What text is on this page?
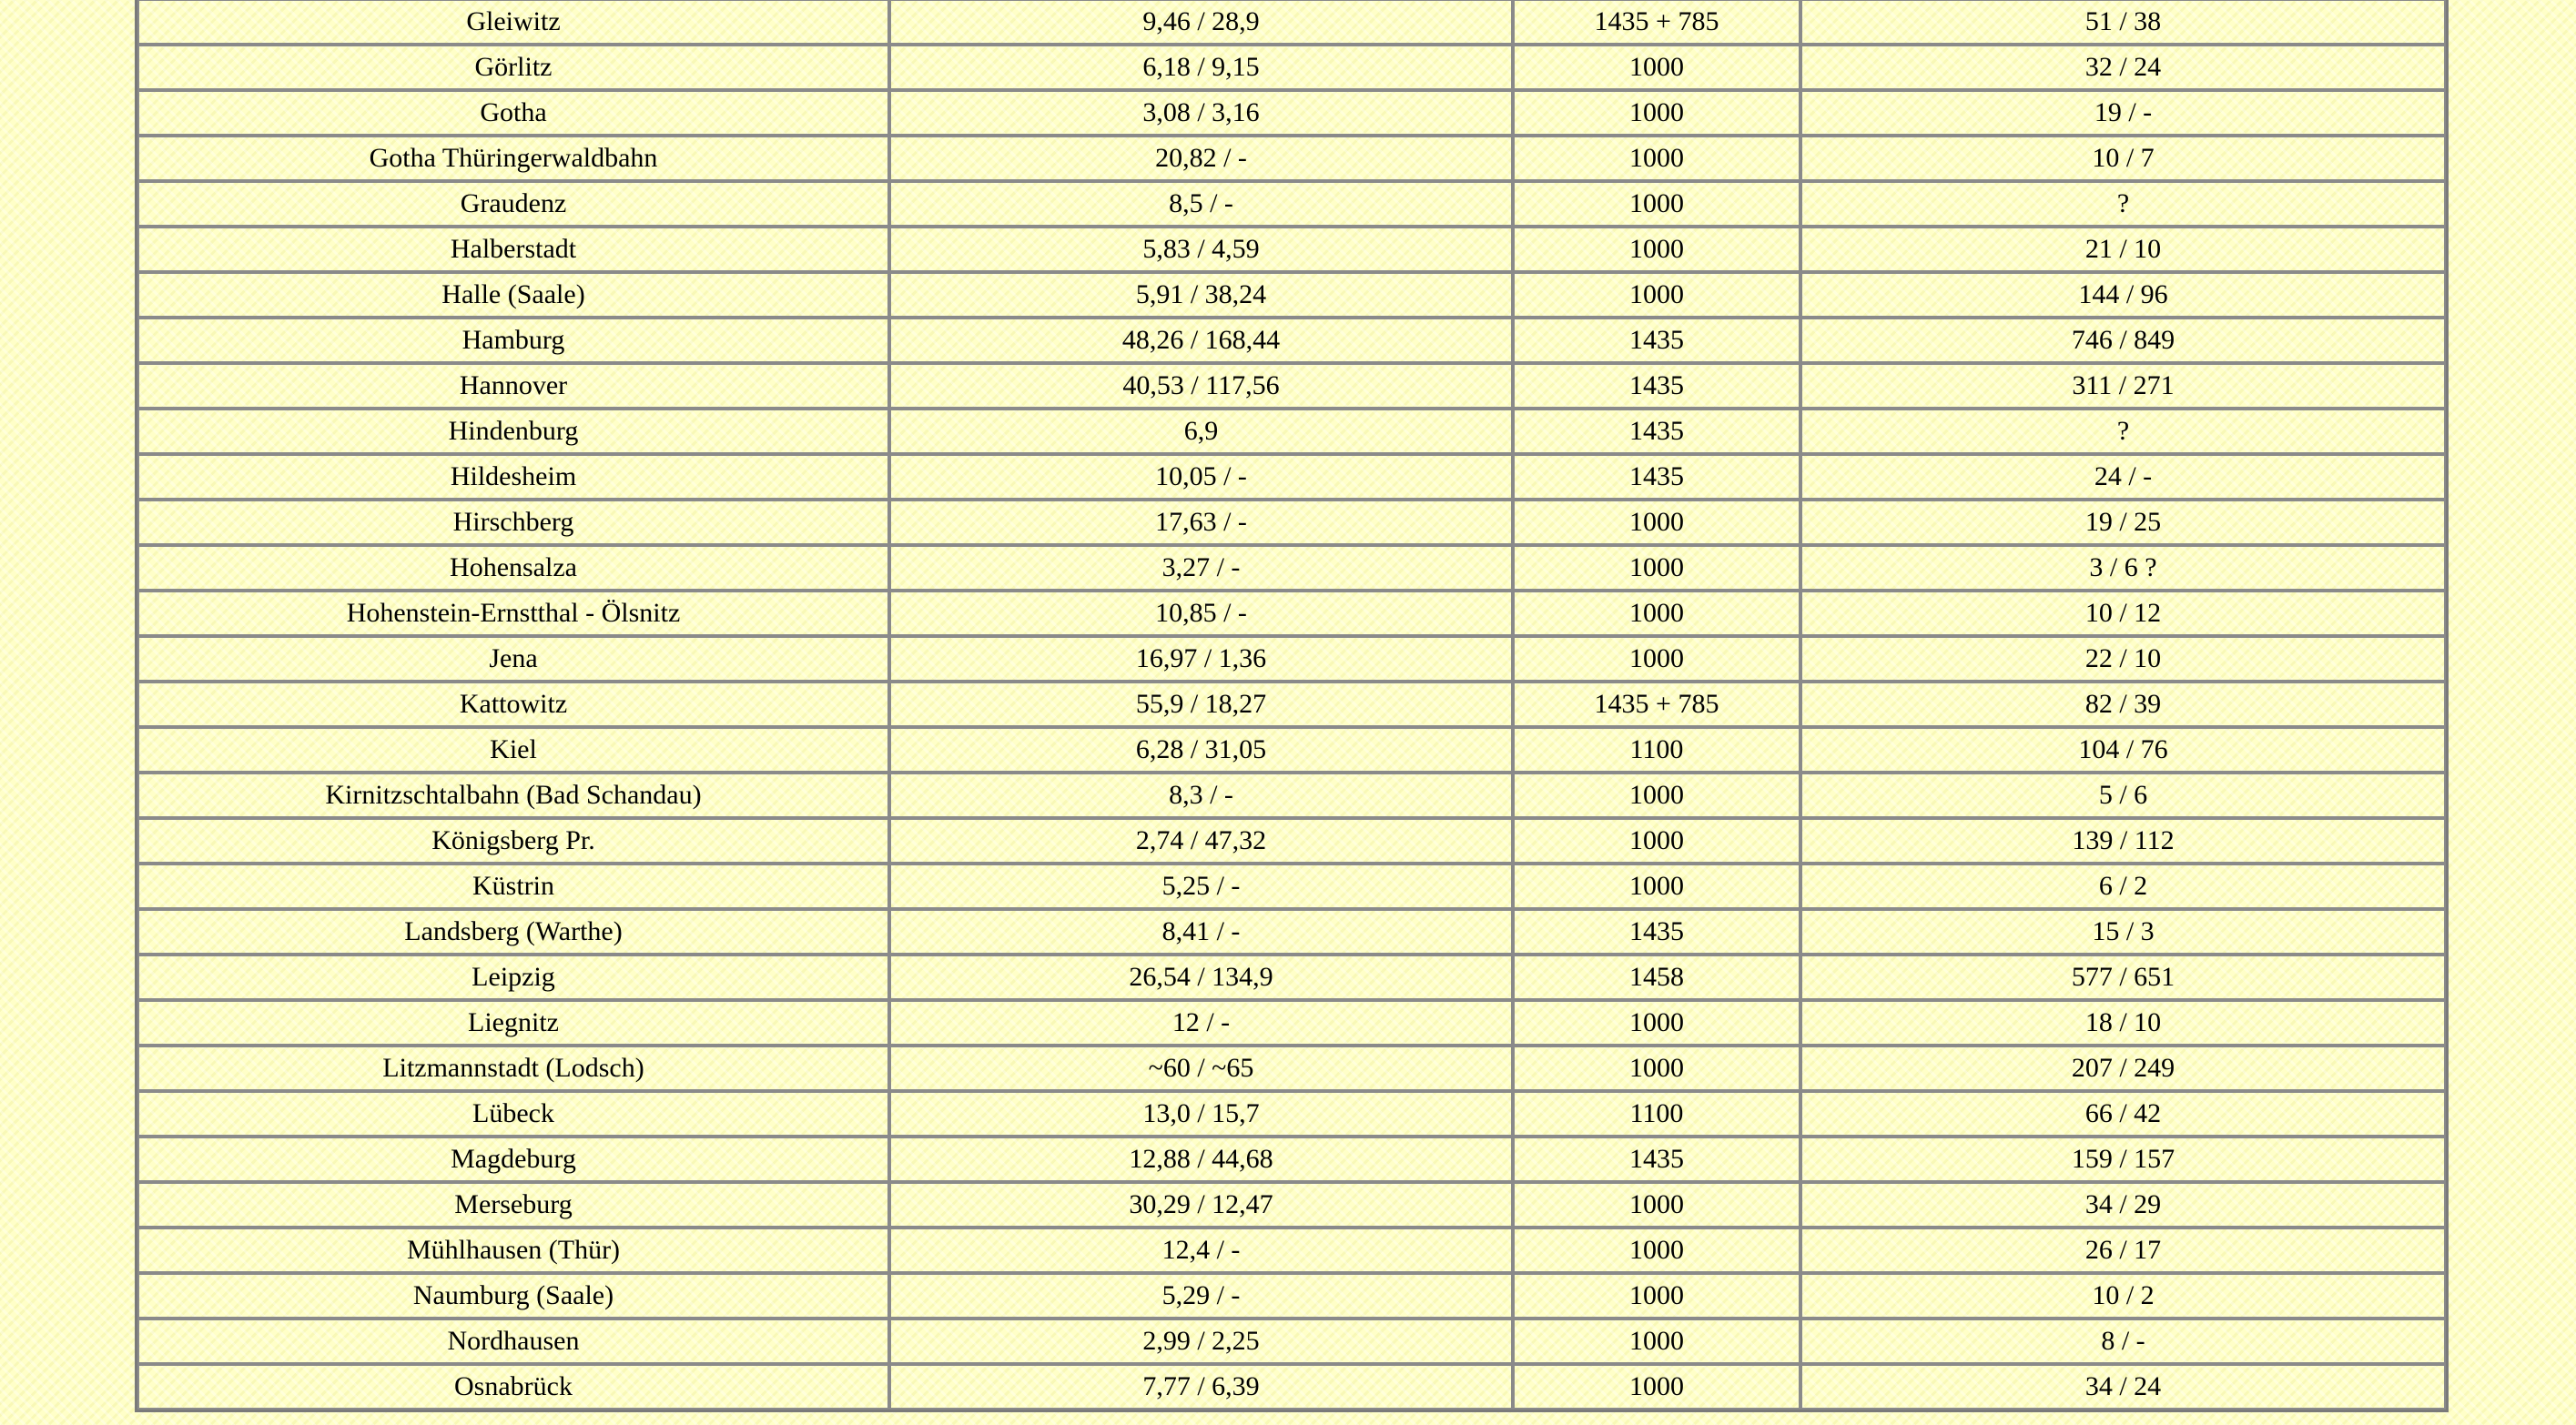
Gleiwitz	9,46 / 28,9	1435 + 785	51 / 38
Görlitz	6,18 / 9,15	1000	32 / 24
Gotha	3,08 / 3,16	1000	19 / -
Gotha Thüringerwaldbahn	20,82 / -	1000	10 / 7
Graudenz	8,5 / -	1000	?
Halberstadt	5,83 / 4,59	1000	21 / 10
Halle (Saale)	5,91 / 38,24	1000	144 / 96
Hamburg	48,26 / 168,44	1435	746 / 849
Hannover	40,53 / 117,56	1435	311 / 271
Hindenburg	6,9	1435	?
Hildesheim	10,05 / -	1435	24 / -
Hirschberg	17,63 / -	1000	19 / 25
Hohensalza	3,27 / -	1000	3 / 6 ?
Hohenstein-Ernstthal - Ölsnitz	10,85 / -	1000	10 / 12
Jena	16,97 / 1,36	1000	22 / 10
Kattowitz	55,9 / 18,27	1435 + 785	82 / 39
Kiel	6,28 / 31,05	1100	104 / 76
Kirnitzschtalbahn (Bad Schandau)	8,3 / -	1000	5 / 6
Königsberg Pr.	2,74 / 47,32	1000	139 / 112
Küstrin	5,25 / -	1000	6 / 2
Landsberg (Warthe)	8,41 / -	1435	15 / 3
Leipzig	26,54 / 134,9	1458	577 / 651
Liegnitz	12 / -	1000	18 / 10
Litzmannstadt (Lodsch)	~60 / ~65	1000	207 / 249
Lübeck	13,0 / 15,7	1100	66 / 42
Magdeburg	12,88 / 44,68	1435	159 / 157
Merseburg	30,29 / 12,47	1000	34 / 29
Mühlhausen (Thür)	12,4 / -	1000	26 / 17
Naumburg (Saale)	5,29 / -	1000	10 / 2
Nordhausen	2,99 / 2,25	1000	8 / -
Osnabrück	7,77 / 6,39	1000	34 / 24
